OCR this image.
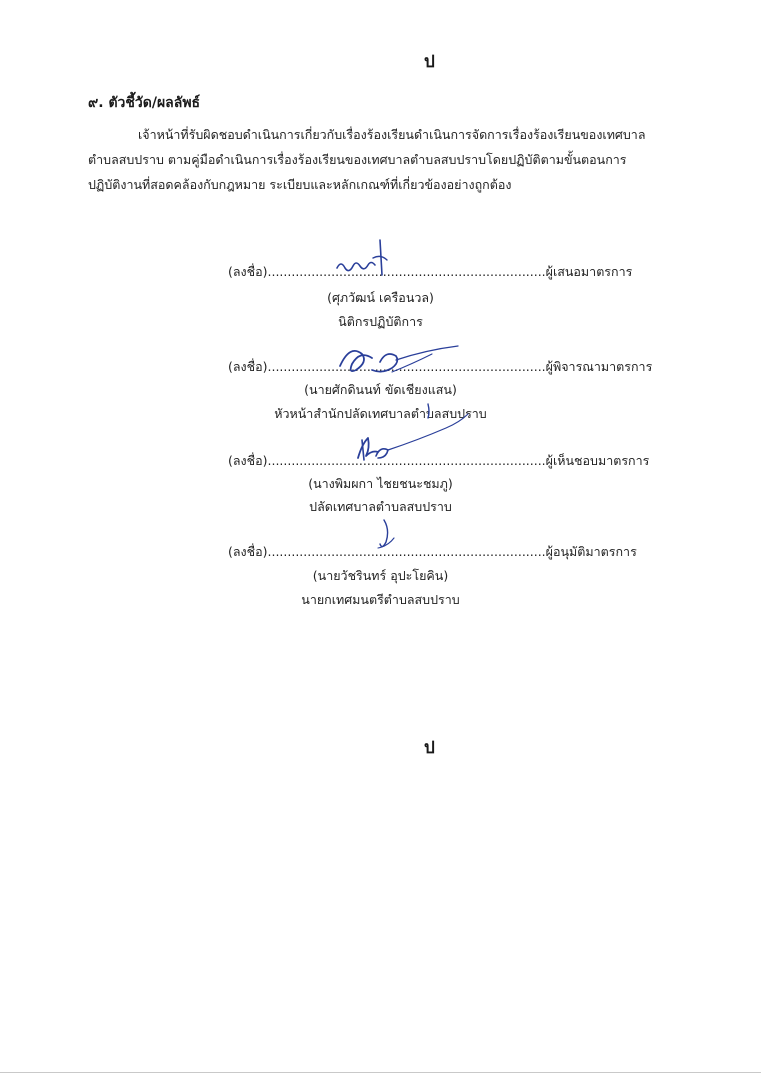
ป
๙. ตัวชี้วัด/ผลลัพธ์
เจ้าหน้าที่รับผิดชอบดำเนินการเกี่ยวกับเรื่องร้องเรียนดำเนินการจัดการเรื่องร้องเรียนของเทศบาล
ตำบลสบปราบ ตามคู่มือดำเนินการเรื่องร้องเรียนของเทศบาลตำบลสบปราบโดยปฏิบัติตามขั้นตอนการ
ปฏิบัติงานที่สอดคล้องกับกฎหมาย ระเบียบและหลักเกณฑ์ที่เกี่ยวข้องอย่างถูกต้อง
(ลงชื่อ)......................................................................ผู้เสนอมาตรการ
(ศุภวัฒน์ เครือนวล)
นิติกรปฏิบัติการ
(ลงชื่อ)......................................................................ผู้พิจารณามาตรการ
(นายศักดินนท์ ขัดเชียงแสน)
หัวหน้าสำนักปลัดเทศบาลตำบลสบปราบ
(ลงชื่อ)......................................................................ผู้เห็นชอบมาตรการ
(นางพิมผกา ไชยชนะชมภู)
ปลัดเทศบาลตำบลสบปราบ
(ลงชื่อ)......................................................................ผู้อนุมัติมาตรการ
(นายวัชรินทร์ อุปะโยคิน)
นายกเทศมนตรีตำบลสบปราบ
ป
